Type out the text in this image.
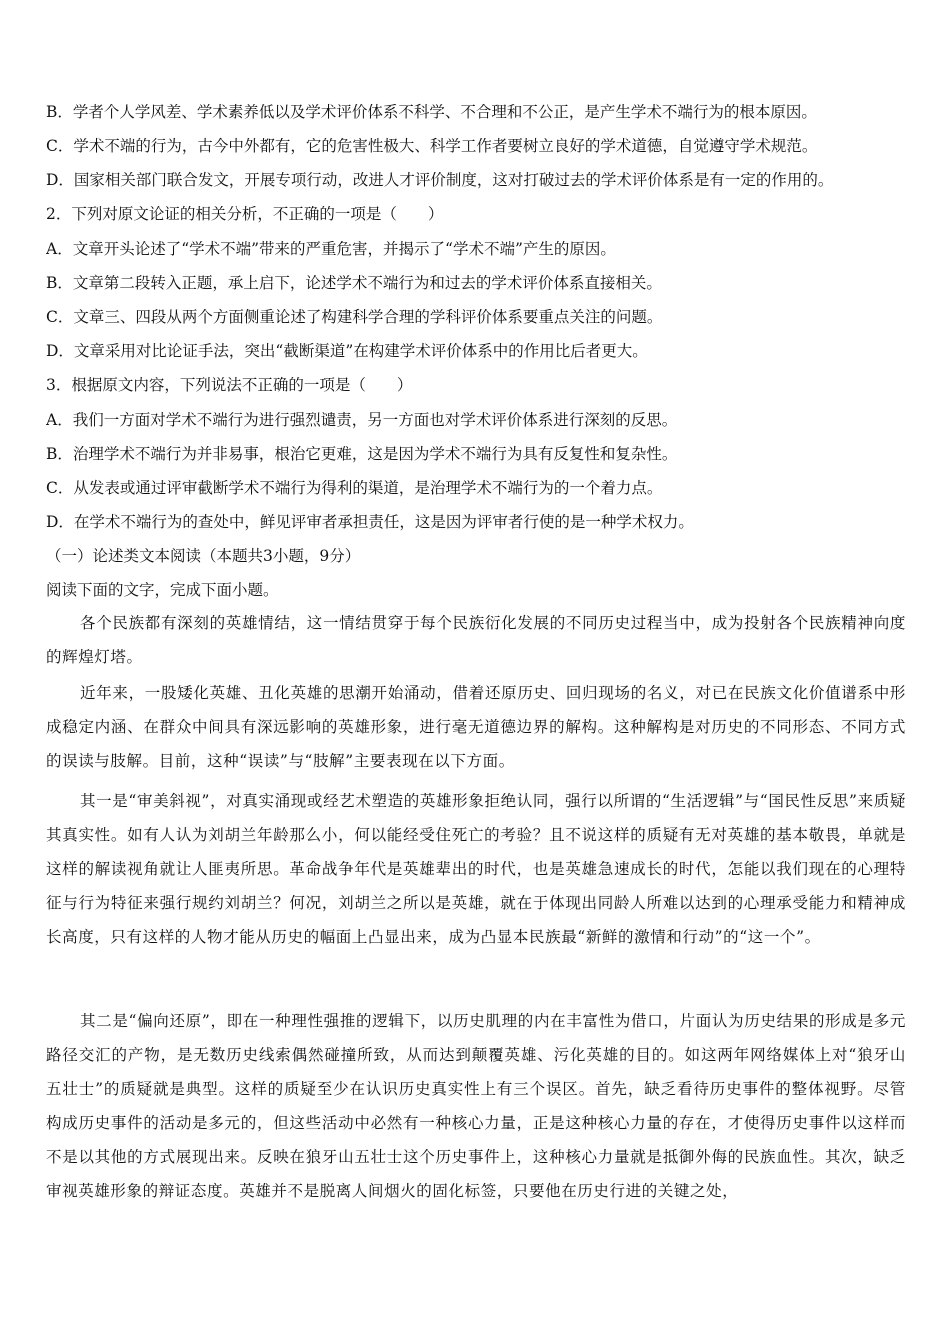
B．学者个人学风差、学术素养低以及学术评价体系不科学、不合理和不公正，是产生学术不端行为的根本原因。
C．学术不端的行为，古今中外都有，它的危害性极大、科学工作者要树立良好的学术道德，自觉遵守学术规范。
D．国家相关部门联合发文，开展专项行动，改进人才评价制度，这对打破过去的学术评价体系是有一定的作用的。
2．下列对原文论证的相关分析，不正确的一项是（　　）
A．文章开头论述了“学术不端”带来的严重危害，并揭示了“学术不端”产生的原因。
B．文章第二段转入正题，承上启下，论述学术不端行为和过去的学术评价体系直接相关。
C．文章三、四段从两个方面侧重论述了构建科学合理的学科评价体系要重点关注的问题。
D．文章采用对比论证手法，突出“截断渠道”在构建学术评价体系中的作用比后者更大。
3．根据原文内容，下列说法不正确的一项是（　　）
A．我们一方面对学术不端行为进行强烈谴责，另一方面也对学术评价体系进行深刻的反思。
B．治理学术不端行为并非易事，根治它更难，这是因为学术不端行为具有反复性和复杂性。
C．从发表或通过评审截断学术不端行为得利的渠道，是治理学术不端行为的一个着力点。
D．在学术不端行为的查处中，鲜见评审者承担责任，这是因为评审者行使的是一种学术权力。
（一）论述类文本阅读（本题共3小题，9分）
阅读下面的文字，完成下面小题。
各个民族都有深刻的英雄情结，这一情结贯穿于每个民族衍化发展的不同历史过程当中，成为投射各个民族精神向度的辉煌灯塔。
近年来，一股矮化英雄、丑化英雄的思潮开始涌动，借着还原历史、回归现场的名义，对已在民族文化价值谱系中形成稳定内涵、在群众中间具有深远影响的英雄形象，进行毫无道德边界的解构。这种解构是对历史的不同形态、不同方式的误读与肢解。目前，这种“误读”与“肢解”主要表现在以下方面。
其一是“审美斜视”，对真实涌现或经艺术塑造的英雄形象拒绝认同，强行以所谓的“生活逻辑”与“国民性反思”来质疑其真实性。如有人认为刘胡兰年龄那么小，何以能经受住死亡的考验？且不说这样的质疑有无对英雄的基本敬畏，单就是这样的解读视角就让人匪夷所思。革命战争年代是英雄辈出的时代，也是英雄急速成长的时代，怎能以我们现在的心理特征与行为特征来强行规约刘胡兰？何况，刘胡兰之所以是英雄，就在于体现出同龄人所难以达到的心理承受能力和精神成长高度，只有这样的人物才能从历史的幅面上凸显出来，成为凸显本民族最“新鲜的激情和行动”的“这一个”。
其二是“偏向还原”，即在一种理性强推的逻辑下，以历史肌理的内在丰富性为借口，片面认为历史结果的形成是多元路径交汇的产物，是无数历史线索偶然碰撞所致，从而达到颠覆英雄、污化英雄的目的。如这两年网络媒体上对“狼牙山五壮士”的质疑就是典型。这样的质疑至少在认识历史真实性上有三个误区。首先，缺乏看待历史事件的整体视野。尽管构成历史事件的活动是多元的，但这些活动中必然有一种核心力量，正是这种核心力量的存在，才使得历史事件以这样而不是以其他的方式展现出来。反映在狼牙山五壮士这个历史事件上，这种核心力量就是抵御外侮的民族血性。其次，缺乏审视英雄形象的辩证态度。英雄并不是脱离人间烟火的固化标签，只要他在历史行进的关键之处，
